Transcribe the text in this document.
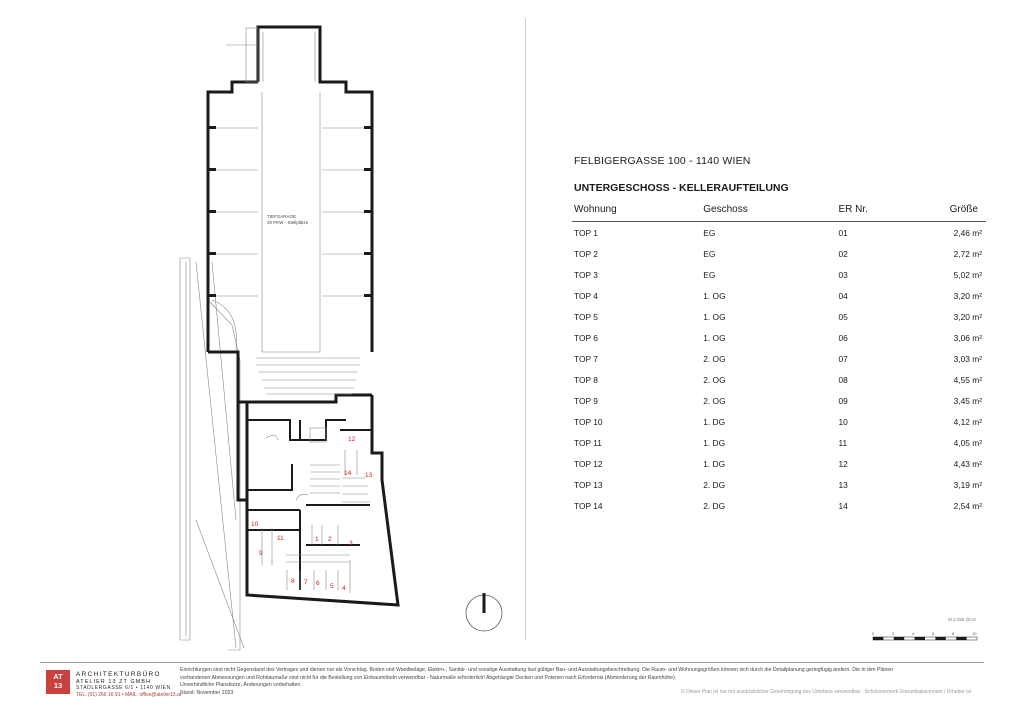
TIEFGARAGE
20 PKW - Stellplätze
1 2
3
4
5
6
7
8
9
10
11
12
13
14
FELBIGERGASSE 100 - 1140 WIEN
UNTERGESCHOSS - KELLERAUFTEILUNG
Wohnung	Geschoss	ER Nr.	Größe
TOP 1	EG	01	2,46 m²
TOP 2	EG	02	2,72 m²
TOP 3	EG	03	5,02 m²
TOP 4	1. OG	04	3,20 m²
TOP 5	1. OG	05	3,20 m²
TOP 6	1. OG	06	3,06 m²
TOP 7	2. OG	07	3,03 m²
TOP 8	2. OG	08	4,55 m²
TOP 9	2. OG	09	3,45 m²
TOP 10	1. DG	10	4,12 m²
TOP 11	1. DG	11	4,05 m²
TOP 12	1. DG	12	4,43 m²
TOP 13	2. DG	13	3,19 m²
TOP 14	2. DG	14	2,54 m²
M 1:150 @A3
0	2	4	6	8	10
AT
13
ARCHITEKTURBÜRO
ATELIER 13 ZT GMBH
STADLERGASSE 6/1 • 1140 WIEN
TEL. (01) 266 16 91 • MAIL: office@atelier13.at
Einrichtungen sind nicht Gegenstand des Vertrages und dienen nur als Vorschlag. Boden und Wandbeläge, Elektro-, Sanitär- und sonstige Ausstattung laut gültiger Bau- und Ausstattungsbeschreibung. Die Raum- und Wohnungsgrößen können sich durch die Detailplanung geringfügig ändern. Die in den Plänen
vorhandenen Abmessungen und Rohbaumaße sind nicht für die Bestellung von Einbaumöbeln verwendbar - Naturmaße erforderlich! Abgehängte Decken und Poterien nach Erfordernis (Abminderung der Raumhöhe).
Unverbindliche Planskizze, Änderungen vorbehalten.
Stand: November 2023	© Dieser Plan ist nur mit ausdrücklicher Genehmigung des Urhebers verwendbar - Schutzvermerk Grenzdisplacement / Urheber ist
